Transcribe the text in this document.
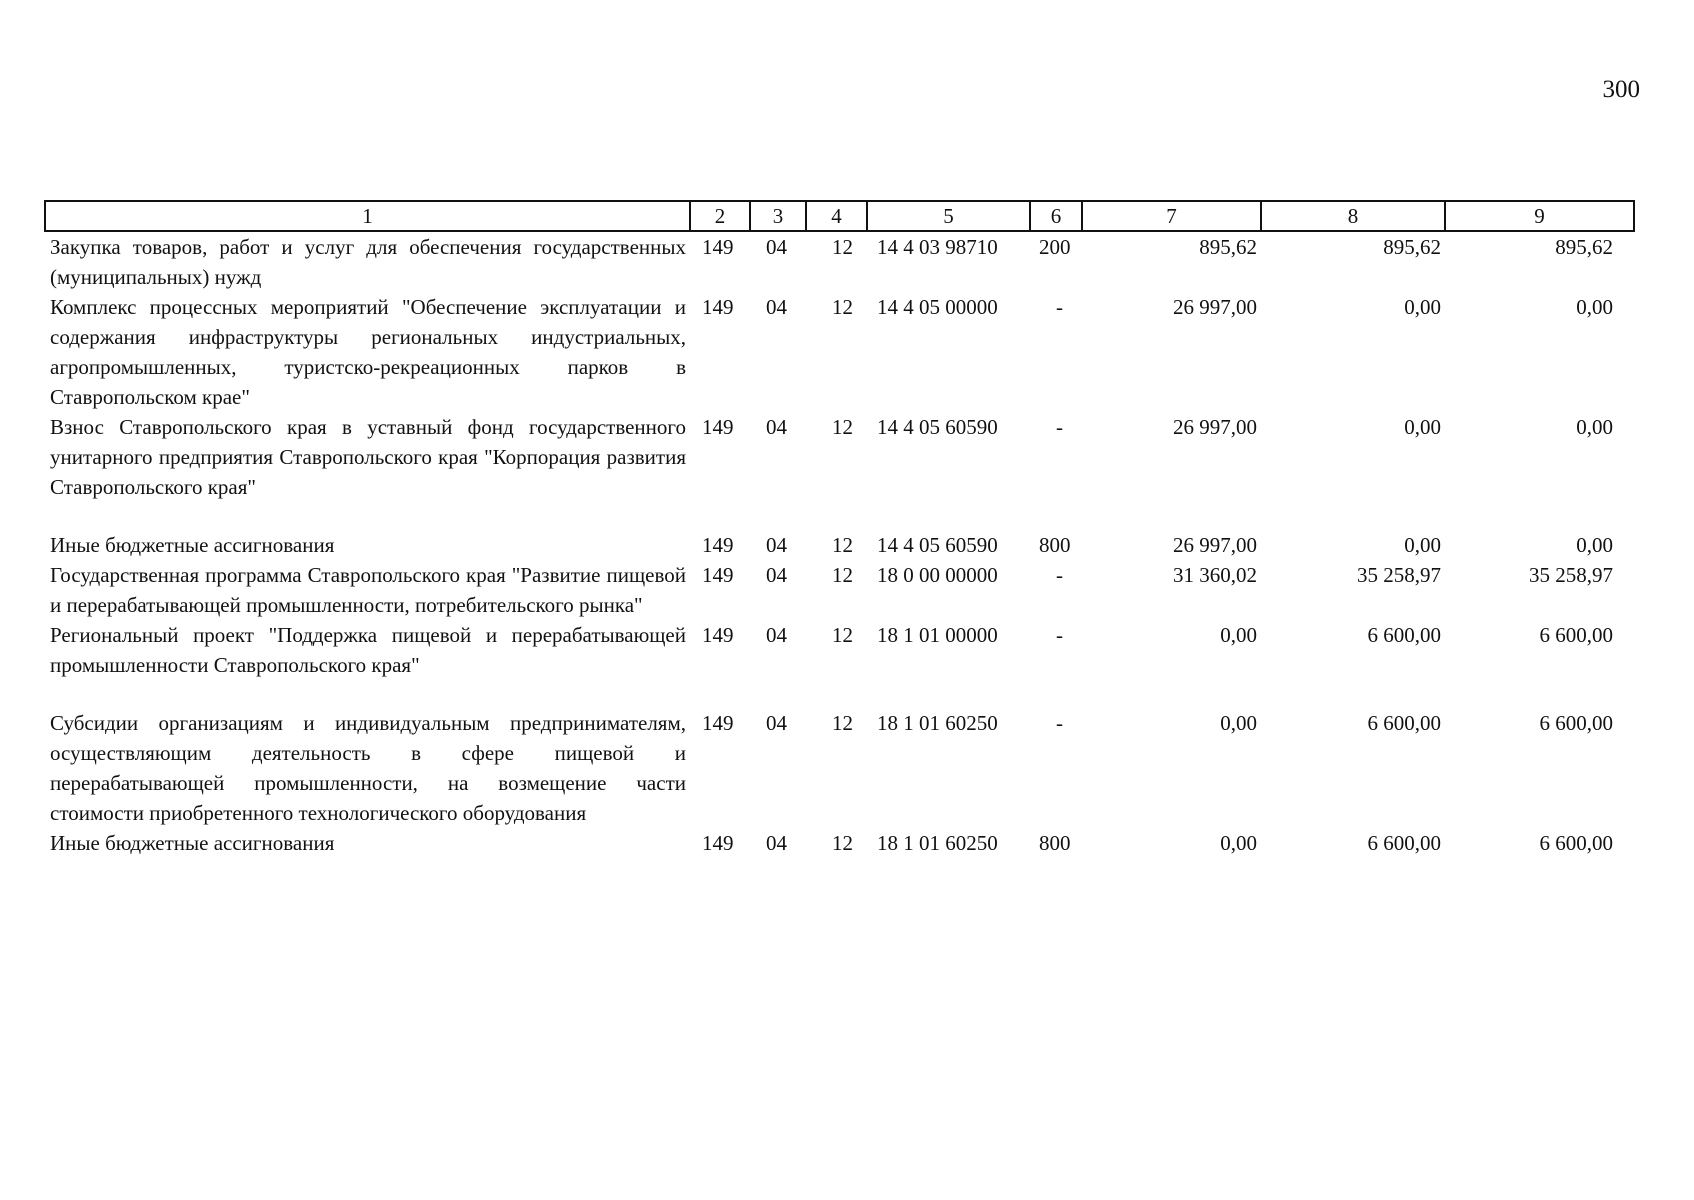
300
1	2	3	4	5	6	7	8	9
Закупка товаров, работ и услуг для обеспечения государственных (муниципальных) нужд	149	04	12	14 4 03 98710	200	895,62	895,62	895,62
Комплекс процессных мероприятий "Обеспечение эксплуатации и содержания инфраструктуры региональных индустриальных, агропромышленных, туристско-рекреационных парков в Ставропольском крае"	149	04	12	14 4 05 00000	-	26 997,00	0,00	0,00
Взнос Ставропольского края в уставный фонд государственного унитарного предприятия Ставропольского края "Корпорация развития Ставропольского края"	149	04	12	14 4 05 60590	-	26 997,00	0,00	0,00
Иные бюджетные ассигнования	149	04	12	14 4 05 60590	800	26 997,00	0,00	0,00
Государственная программа Ставропольского края "Развитие пищевой и перерабатывающей промышленности, потребительского рынка"	149	04	12	18 0 00 00000	-	31 360,02	35 258,97	35 258,97
Региональный проект "Поддержка пищевой и перерабатывающей промышленности Ставропольского края"	149	04	12	18 1 01 00000	-	0,00	6 600,00	6 600,00
Субсидии организациям и индивидуальным предпринимателям, осуществляющим деятельность в сфере пищевой и перерабатывающей промышленности, на возмещение части стоимости приобретенного технологического оборудования	149	04	12	18 1 01 60250	-	0,00	6 600,00	6 600,00
Иные бюджетные ассигнования	149	04	12	18 1 01 60250	800	0,00	6 600,00	6 600,00
